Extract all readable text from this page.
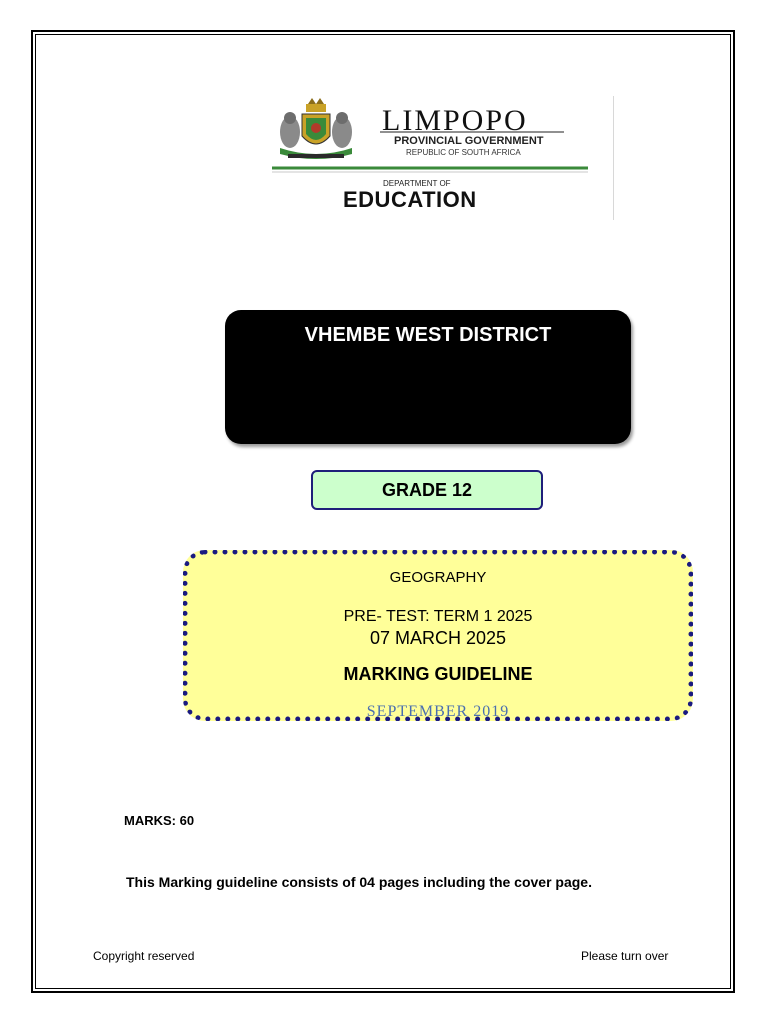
LIMPOPO
PROVINCIAL GOVERNMENT
REPUBLIC OF SOUTH AFRICA
DEPARTMENT OF
EDUCATION
VHEMBE WEST DISTRICT
GRADE 12
GEOGRAPHY
PRE- TEST: TERM 1 2025
07 MARCH 2025
MARKING GUIDELINE
SEPTEMBER 2019
MARKS: 60
This Marking guideline consists of 04 pages including the cover page.
Copyright reserved	Please turn over
